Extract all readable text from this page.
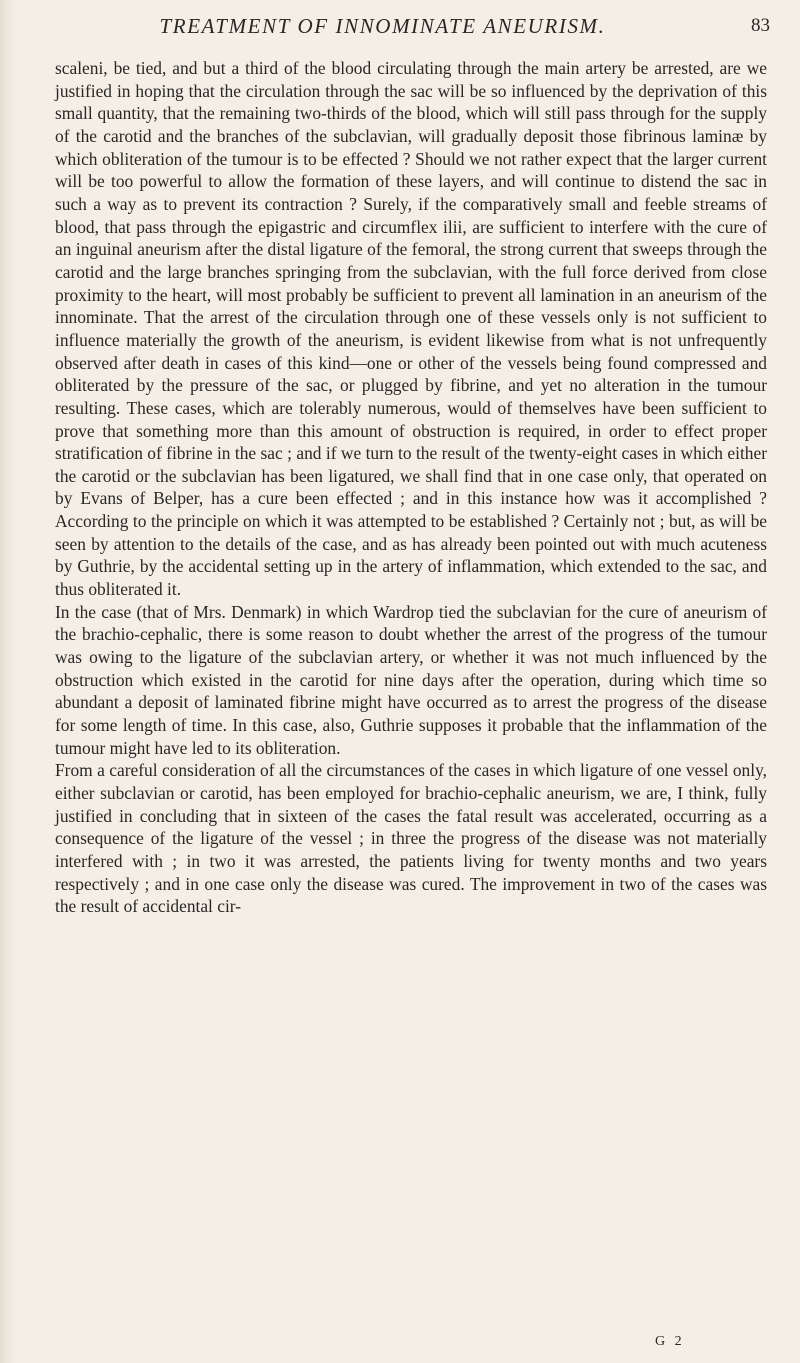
TREATMENT OF INNOMINATE ANEURISM.	83

scaleni, be tied, and but a third of the blood circulating through the main artery be arrested, are we justified in hoping that the circulation through the sac will be so influenced by the deprivation of this small quantity, that the remaining two-thirds of the blood, which will still pass through for the supply of the carotid and the branches of the subclavian, will gradually deposit those fibrinous laminæ by which obliteration of the tumour is to be effected ? Should we not rather expect that the larger current will be too powerful to allow the formation of these layers, and will continue to distend the sac in such a way as to prevent its contraction ? Surely, if the comparatively small and feeble streams of blood, that pass through the epigastric and circumflex ilii, are sufficient to interfere with the cure of an inguinal aneurism after the distal ligature of the femoral, the strong current that sweeps through the carotid and the large branches springing from the subclavian, with the full force derived from close proximity to the heart, will most probably be sufficient to prevent all lamination in an aneurism of the innominate. That the arrest of the circulation through one of these vessels only is not sufficient to influence materially the growth of the aneurism, is evident likewise from what is not unfrequently observed after death in cases of this kind—one or other of the vessels being found compressed and obliterated by the pressure of the sac, or plugged by fibrine, and yet no alteration in the tumour resulting. These cases, which are tolerably numerous, would of themselves have been sufficient to prove that something more than this amount of obstruction is required, in order to effect proper stratification of fibrine in the sac ; and if we turn to the result of the twenty-eight cases in which either the carotid or the subclavian has been ligatured, we shall find that in one case only, that operated on by Evans of Belper, has a cure been effected ; and in this instance how was it accomplished ? According to the principle on which it was attempted to be established ? Certainly not ; but, as will be seen by attention to the details of the case, and as has already been pointed out with much acuteness by Guthrie, by the accidental setting up in the artery of inflammation, which extended to the sac, and thus obliterated it.

In the case (that of Mrs. Denmark) in which Wardrop tied the subclavian for the cure of aneurism of the brachio-cephalic, there is some reason to doubt whether the arrest of the progress of the tumour was owing to the ligature of the subclavian artery, or whether it was not much influenced by the obstruction which existed in the carotid for nine days after the operation, during which time so abundant a deposit of laminated fibrine might have occurred as to arrest the progress of the disease for some length of time. In this case, also, Guthrie supposes it probable that the inflammation of the tumour might have led to its obliteration.

From a careful consideration of all the circumstances of the cases in which ligature of one vessel only, either subclavian or carotid, has been employed for brachio-cephalic aneurism, we are, I think, fully justified in concluding that in sixteen of the cases the fatal result was accelerated, occurring as a consequence of the ligature of the vessel ; in three the progress of the disease was not materially interfered with ; in two it was arrested, the patients living for twenty months and two years respectively ; and in one case only the disease was cured. The improvement in two of the cases was the result of accidental cir-

G 2
